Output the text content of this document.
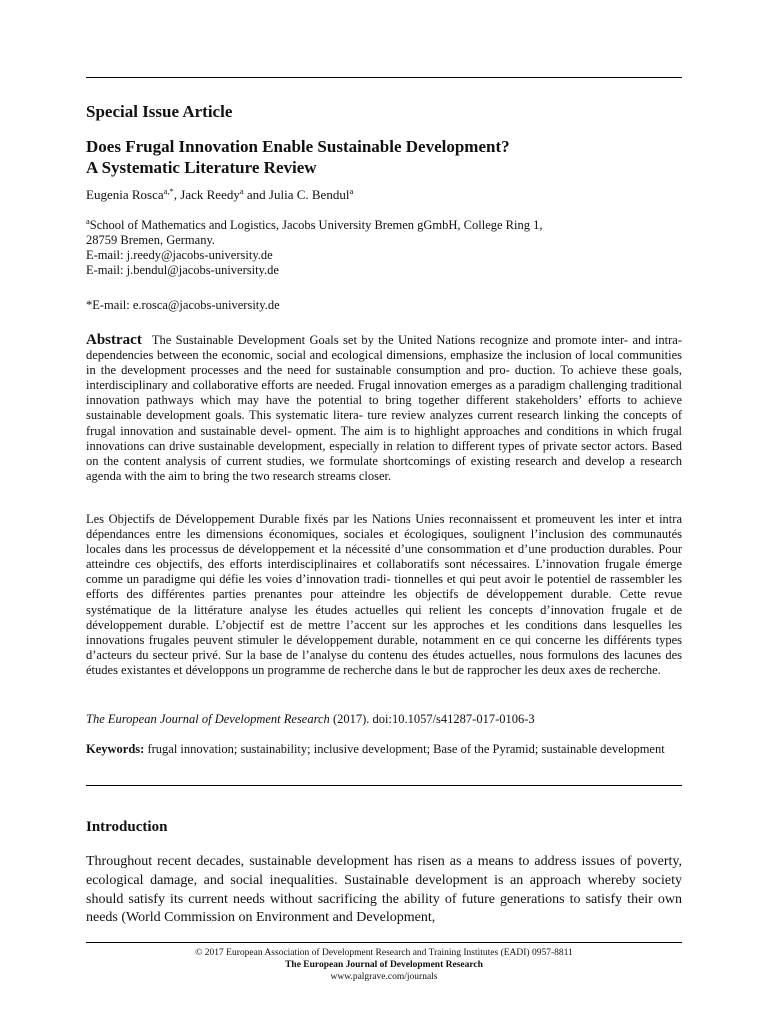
Special Issue Article
Does Frugal Innovation Enable Sustainable Development?
A Systematic Literature Review
Eugenia Rosca$^{a,*}$, Jack Reedy$^a$ and Julia C. Bendul$^a$
$^a$School of Mathematics and Logistics, Jacobs University Bremen gGmbH, College Ring 1,
28759 Bremen, Germany.
E-mail: j.reedy@jacobs-university.de
E-mail: j.bendul@jacobs-university.de
*E-mail: e.rosca@jacobs-university.de
Abstract The Sustainable Development Goals set by the United Nations recognize and promote inter- and intra-dependencies between the economic, social and ecological dimensions, emphasize the inclusion of local communities in the development processes and the need for sustainable consumption and pro- duction. To achieve these goals, interdisciplinary and collaborative efforts are needed. Frugal innovation emerges as a paradigm challenging traditional innovation pathways which may have the potential to bring together different stakeholders’ efforts to achieve sustainable development goals. This systematic litera- ture review analyzes current research linking the concepts of frugal innovation and sustainable devel- opment. The aim is to highlight approaches and conditions in which frugal innovations can drive sustainable development, especially in relation to different types of private sector actors. Based on the content analysis of current studies, we formulate shortcomings of existing research and develop a research agenda with the aim to bring the two research streams closer.
Les Objectifs de Développement Durable fixés par les Nations Unies reconnaissent et promeuvent les inter et intra dépendances entre les dimensions économiques, sociales et écologiques, soulignent l’inclusion des communautés locales dans les processus de développement et la nécessité d’une consommation et d’une production durables. Pour atteindre ces objectifs, des efforts interdisciplinaires et collaboratifs sont nécessaires. L’innovation frugale émerge comme un paradigme qui défie les voies d’innovation tradi- tionnelles et qui peut avoir le potentiel de rassembler les efforts des différentes parties prenantes pour atteindre les objectifs de développement durable. Cette revue systématique de la littérature analyse les études actuelles qui relient les concepts d’innovation frugale et de développement durable. L’objectif est de mettre l’accent sur les approches et les conditions dans lesquelles les innovations frugales peuvent stimuler le développement durable, notamment en ce qui concerne les différents types d’acteurs du secteur privé. Sur la base de l’analyse du contenu des études actuelles, nous formulons des lacunes des études existantes et développons un programme de recherche dans le but de rapprocher les deux axes de recherche.
The European Journal of Development Research (2017). doi:10.1057/s41287-017-0106-3
Keywords: frugal innovation; sustainability; inclusive development; Base of the Pyramid; sustainable development
Introduction
Throughout recent decades, sustainable development has risen as a means to address issues of poverty, ecological damage, and social inequalities. Sustainable development is an approach whereby society should satisfy its current needs without sacrificing the ability of future generations to satisfy their own needs (World Commission on Environment and Development,
© 2017 European Association of Development Research and Training Institutes (EADI) 0957-8811
The European Journal of Development Research
www.palgrave.com/journals
